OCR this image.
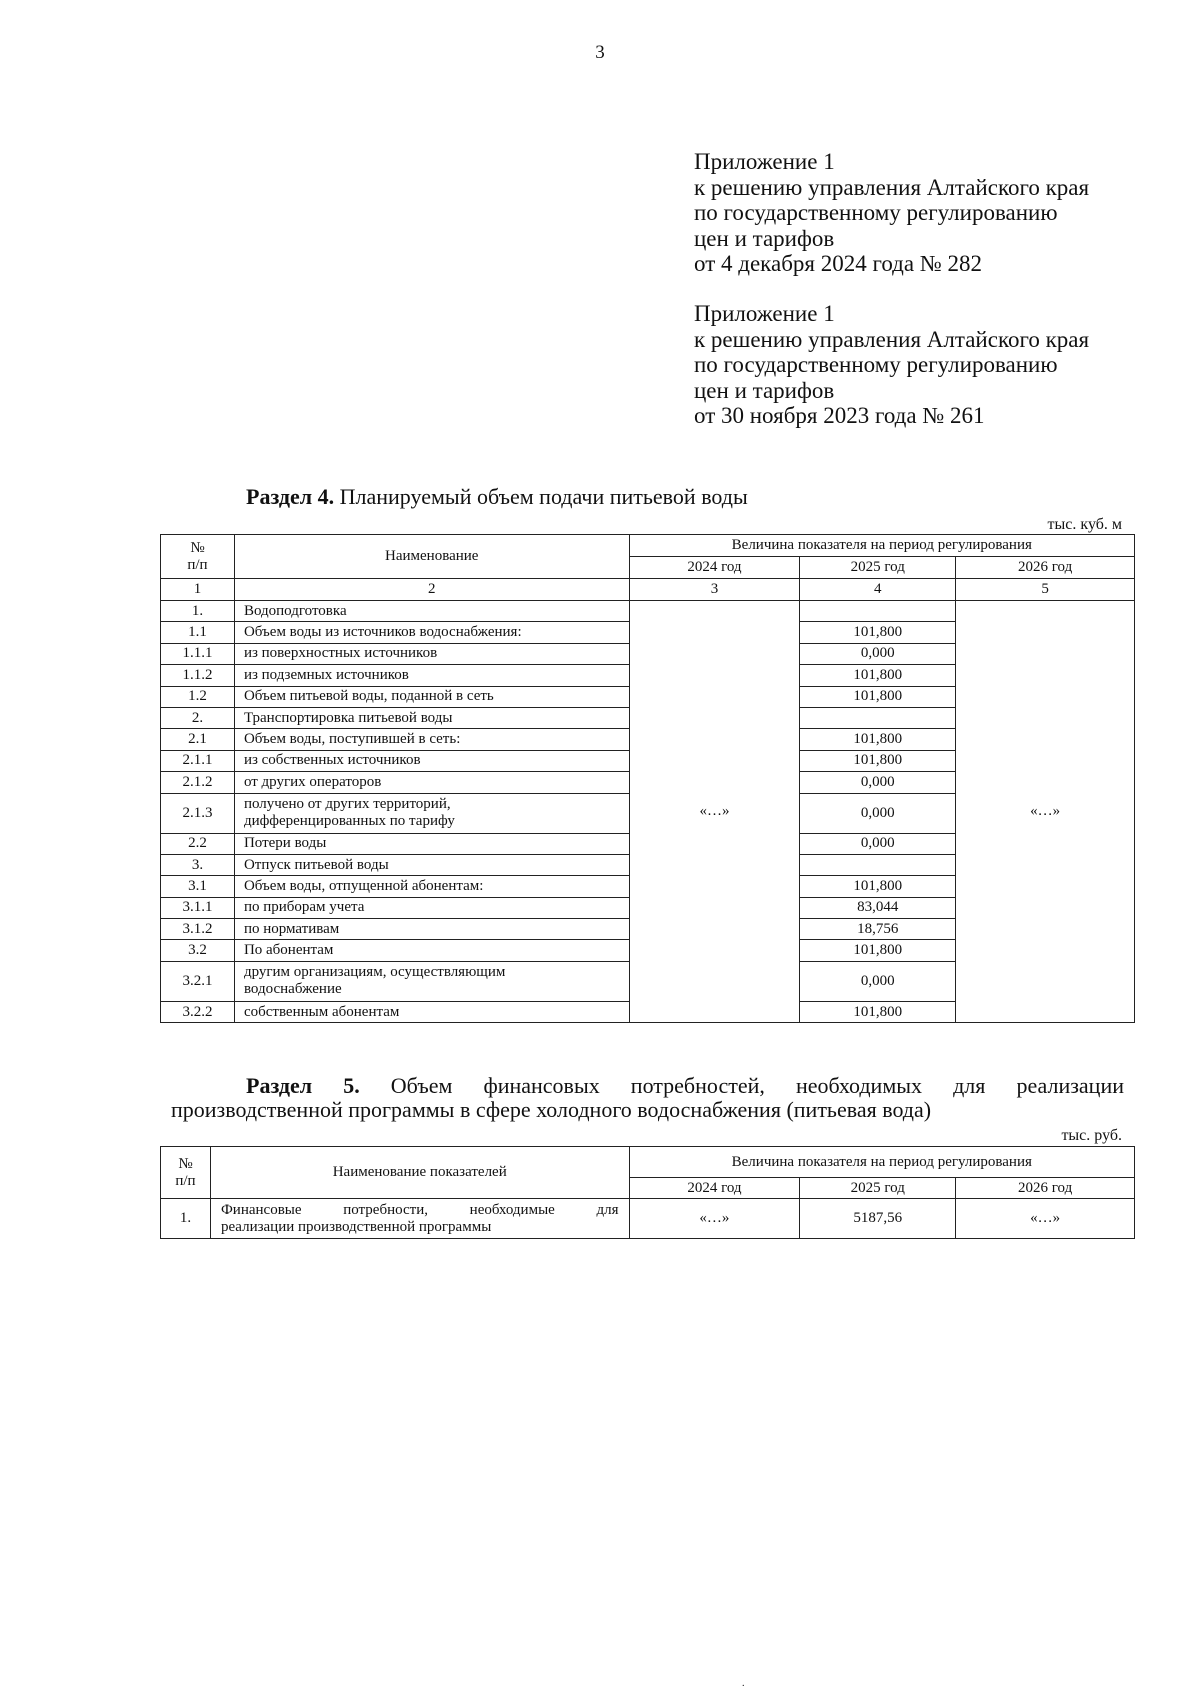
3
Приложение 1
к решению управления Алтайского края
по государственному регулированию
цен и тарифов
от 4 декабря 2024 года № 282
Приложение 1
к решению управления Алтайского края
по государственному регулированию
цен и тарифов
от 30 ноября 2023 года № 261
Раздел 4. Планируемый объем подачи питьевой воды
тыс. куб. м
№
п/п	Наименование	Величина показателя на период регулирования		
		2024 год	2025 год	2026 год
1	2	3	4	5
1.	Водоподготовка	«…»		«…»
1.1	Объем воды из источников водоснабжения:		101,800	
1.1.1	из поверхностных источников		0,000	
1.1.2	из подземных источников		101,800	
1.2	Объем питьевой воды, поданной в сеть		101,800	
2.	Транспортировка питьевой воды			
2.1	Объем воды, поступившей в сеть:		101,800	
2.1.1	из собственных источников		101,800	
2.1.2	от других операторов		0,000	
2.1.3	получено от других территорий,
дифференцированных по тарифу		0,000	
2.2	Потери воды		0,000	
3.	Отпуск питьевой воды			
3.1	Объем воды, отпущенной абонентам:		101,800	
3.1.1	по приборам учета		83,044	
3.1.2	по нормативам		18,756	
3.2	По абонентам		101,800	
3.2.1	другим организациям, осуществляющим
водоснабжение		0,000	
3.2.2	собственным абонентам		101,800	
Раздел 5. Объем финансовых потребностей, необходимых для реализации
производственной программы в сфере холодного водоснабжения (питьевая вода)
тыс. руб.
№
п/п	Наименование показателей	Величина показателя на период регулирования		
		2024 год	2025 год	2026 год
1.	Финансовые потребности, необходимые для
реализации производственной программы	«…»	5187,56	«…»
.
